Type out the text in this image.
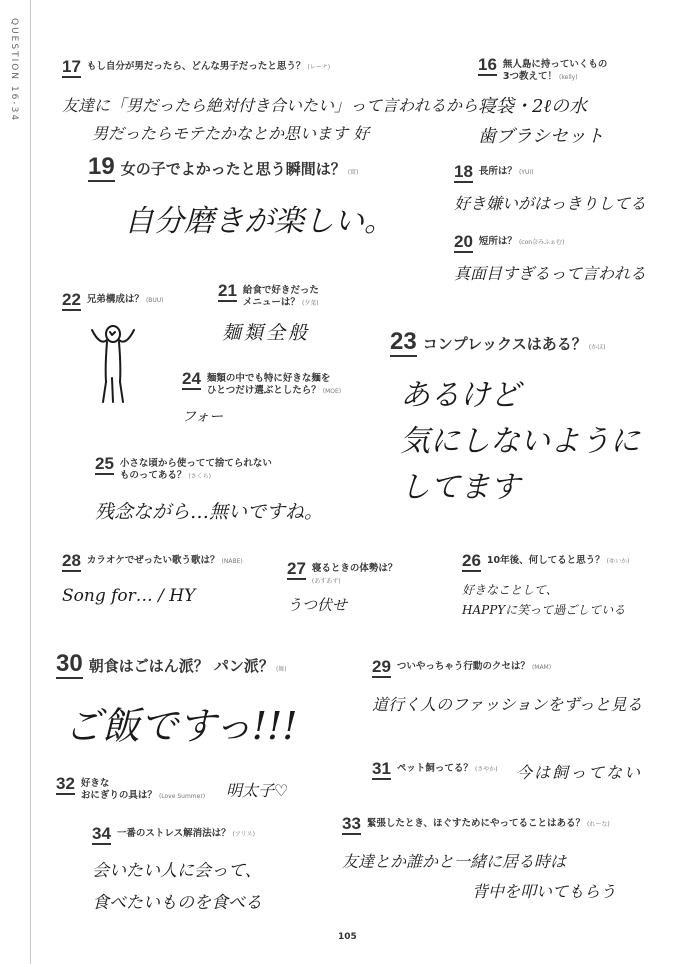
QUESTION 16-34	17 もし自分が男だったら、どんな男子だったと思う？ (レーナ)
友達に「男だったら絶対付き合いたい」って言われるから
男だったらモテたかなとか思います 好
16 無人島に持っていくもの
3つ教えて！ (kelly)
寝袋・2ℓの水
歯ブラシセット
19 女の子でよかったと思う瞬間は？ (實)
自分磨きが楽しい。
18 長所は？ (YUI)
好き嫌いがはっきりしてる
20 短所は？ (con奈みふぁむ)
真面目すぎるって言われる
22 兄弟構成は？ (BUU)
21 給食で好きだった
メニューは？ (夕菜)
麺類全般	23 コンプレックスはある？ (かほ)
あるけど
気にしないように
してます
24 麺類の中でも特に好きな麺を
ひとつだけ選ぶとしたら？ (MOE)
フォー
25 小さな頃から使ってて捨てられない
ものってある？ (さくら)
残念ながら…無いですね。
28 カラオケでぜったい歌う歌は？ (NABE)
Song for… / HY
27 寝るときの体勢は？
(あすあず)
うつ伏せ
26 10年後、何してると思う？ (ゆいか)
好きなことして、
HAPPYに笑って過ごしている
30 朝食はごはん派？ パン派？ (舞)
ご飯ですっ!!!
29 ついやっちゃう行動のクセは？ (MAM)
道行く人のファッションをずっと見る
32 好きな
おにぎりの具は？ (Love Summer) 明太子♡
31 ペット飼ってる？ (さやか) 今は飼ってない
34 一番のストレス解消法は？ (アリス)
会いたい人に会って、
食べたいものを食べる
33 緊張したとき、ほぐすためにやってることはある？ (れーな)
友達とか誰かと一緒に居る時は
背中を叩いてもらう
105
